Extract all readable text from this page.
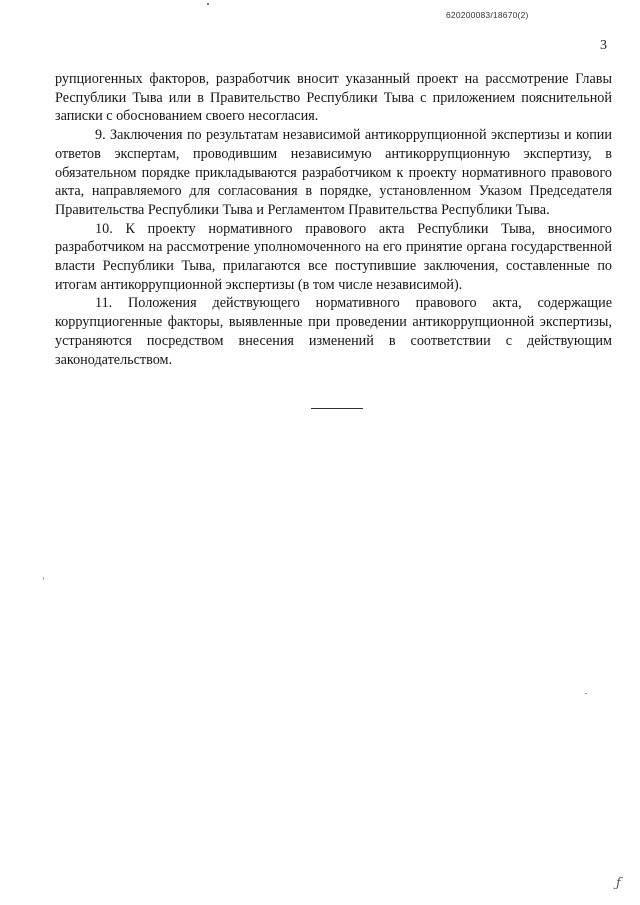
620200083/18670(2)
3

рупциогенных факторов, разработчик вносит указанный проект на рассмотрение Главы Республики Тыва или в Правительство Республики Тыва с приложением пояснительной записки с обоснованием своего несогласия.

9. Заключения по результатам независимой антикоррупционной экспертизы и копии ответов экспертам, проводившим независимую антикоррупционную экспертизу, в обязательном порядке прикладываются разработчиком к проекту нормативного правового акта, направляемого для согласования в порядке, установленном Указом Председателя Правительства Республики Тыва и Регламентом Правительства Республики Тыва.

10. К проекту нормативного правового акта Республики Тыва, вносимого разработчиком на рассмотрение уполномоченного на его принятие органа государственной власти Республики Тыва, прилагаются все поступившие заключения, составленные по итогам антикоррупционной экспертизы (в том числе независимой).

11. Положения действующего нормативного правового акта, содержащие коррупциогенные факторы, выявленные при проведении антикоррупционной экспертизы, устраняются посредством внесения изменений в соответствии с действующим законодательством.

ƒ
